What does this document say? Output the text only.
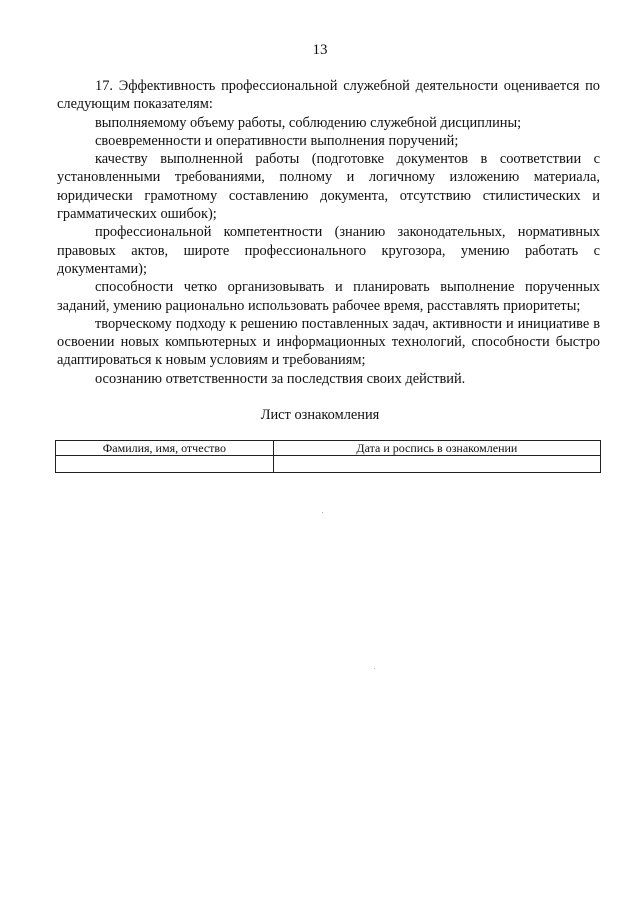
13

17. Эффективность профессиональной служебной деятельности оценивается по следующим показателям:

выполняемому объему работы, соблюдению служебной дисциплины;

своевременности и оперативности выполнения поручений;

качеству выполненной работы (подготовке документов в соответствии с установленными требованиями, полному и логичному изложению материала, юридически грамотному составлению документа, отсутствию стилистических и грамматических ошибок);

профессиональной компетентности (знанию законодательных, нормативных правовых актов, широте профессионального кругозора, умению работать с документами);

способности четко организовывать и планировать выполнение порученных заданий, умению рационально использовать рабочее время, расставлять приоритеты;

творческому подходу к решению поставленных задач, активности и инициативе в освоении новых компьютерных и информационных технологий, способности быстро адаптироваться к новым условиям и требованиям;

осознанию ответственности за последствия своих действий.

Лист ознакомления
Фамилия, имя, отчество	Дата и роспись в ознакомлении
